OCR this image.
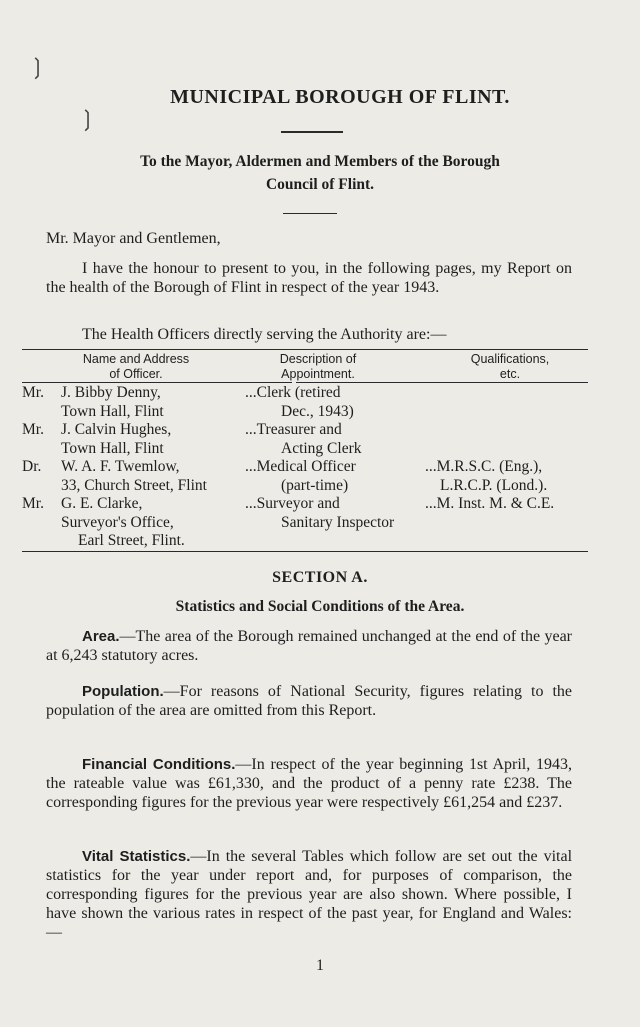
❳
❳
MUNICIPAL BOROUGH OF FLINT.
To the Mayor, Aldermen and Members of the Borough
Council of Flint.
Mr. Mayor and Gentlemen,
I have the honour to present to you, in the following pages, my Report on the health of the Borough of Flint in respect of the year 1943.
The Health Officers directly serving the Authority are:—
Name and Address
of Officer.
Description of
Appointment.
Qualifications,
etc.
Mr. J. Bibby Denny,
Town Hall, Flint
...Clerk (retired
Dec., 1943)
Mr. J. Calvin Hughes,
Town Hall, Flint
...Treasurer and
Acting Clerk
Dr. W. A. F. Twemlow,
33, Church Street, Flint
...Medical Officer
(part-time)
...M.R.S.C. (Eng.),
L.R.C.P. (Lond.).
Mr. G. E. Clarke,
Surveyor's Office,
Earl Street, Flint.
...Surveyor and
Sanitary Inspector
...M. Inst. M. & C.E.
SECTION A.
Statistics and Social Conditions of the Area.
Area.—The area of the Borough remained unchanged at the end of the year at 6,243 statutory acres.
Population.—For reasons of National Security, figures relating to the population of the area are omitted from this Report.
Financial Conditions.—In respect of the year beginning 1st April, 1943, the rateable value was £61,330, and the product of a penny rate £238. The corresponding figures for the previous year were respectively £61,254 and £237.
Vital Statistics.—In the several Tables which follow are set out the vital statistics for the year under report and, for purposes of comparison, the corresponding figures for the previous year are also shown. Where possible, I have shown the various rates in respect of the past year, for England and Wales:—
1
